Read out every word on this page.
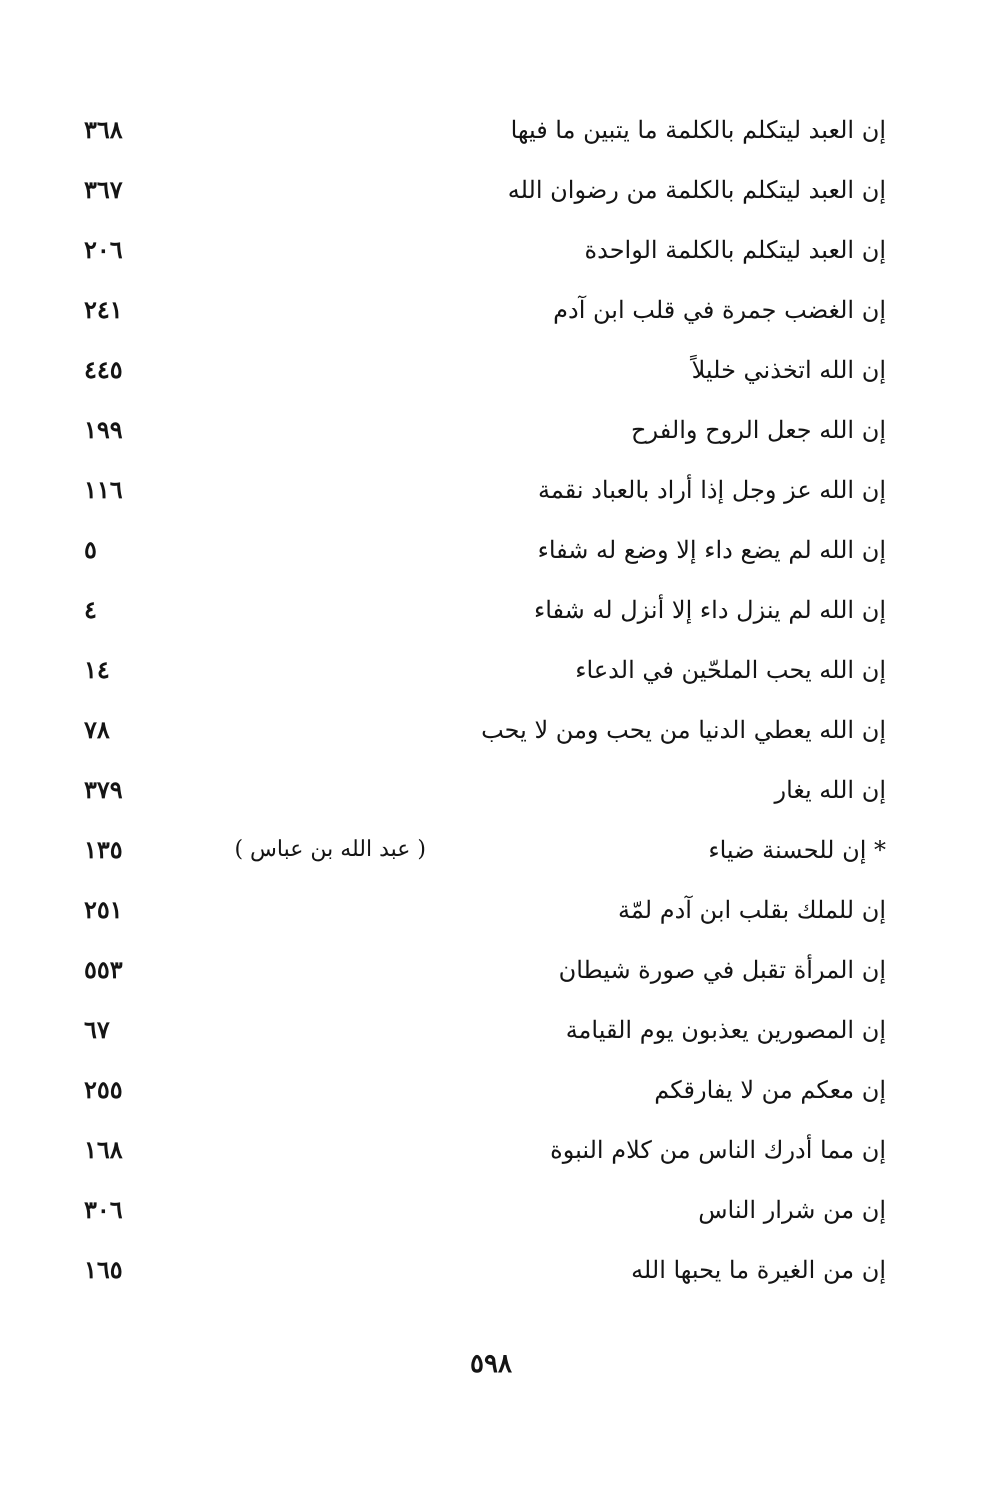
إن العبد ليتكلم بالكلمة ما يتبين ما فيها
٣٦٨
إن العبد ليتكلم بالكلمة من رضوان الله
٣٦٧
إن العبد ليتكلم بالكلمة الواحدة
٢٠٦
إن الغضب جمرة في قلب ابن آدم
٢٤١
إن الله اتخذني خليلاً
٤٤٥
إن الله جعل الروح والفرح
١٩٩
إن الله عز وجل إذا أراد بالعباد نقمة
١١٦
إن الله لم يضع داء إلا وضع له شفاء
٥
إن الله لم ينزل داء إلا أنزل له شفاء
٤
إن الله يحب الملحّين في الدعاء
١٤
إن الله يعطي الدنيا من يحب ومن لا يحب
٧٨
إن الله يغار
٣٧٩
* إن للحسنة ضياء
( عبد الله بن عباس )
١٣٥
إن للملك بقلب ابن آدم لمّة
٢٥١
إن المرأة تقبل في صورة شيطان
٥٥٣
إن المصورين يعذبون يوم القيامة
٦٧
إن معكم من لا يفارقكم
٢٥٥
إن مما أدرك الناس من كلام النبوة
١٦٨
إن من شرار الناس
٣٠٦
إن من الغيرة ما يحبها الله
١٦٥
٥٩٨
